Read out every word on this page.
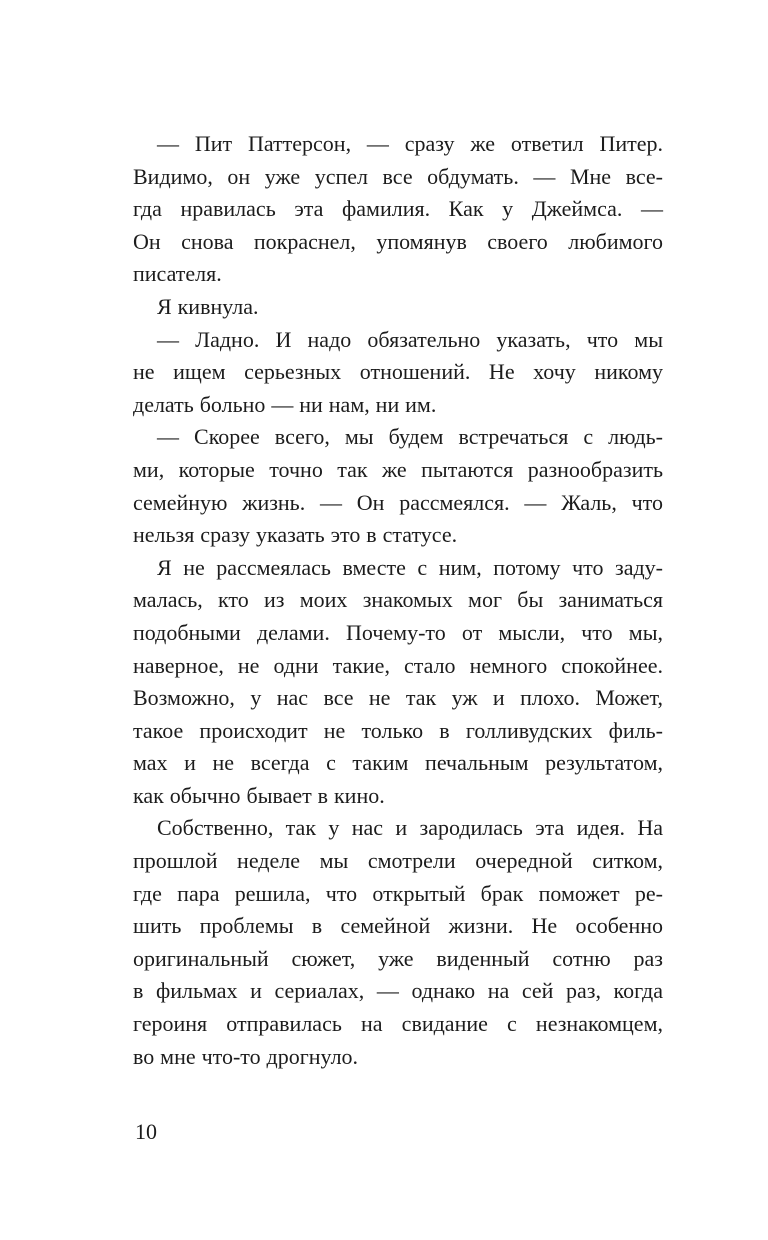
— Пит Паттерсон, — сразу же ответил Питер.
Видимо, он уже успел все обдумать. — Мне все-
гда нравилась эта фамилия. Как у Джеймса. —
Он снова покраснел, упомянув своего любимого
писателя.
Я кивнула.
— Ладно. И надо обязательно указать, что мы
не ищем серьезных отношений. Не хочу никому
делать больно — ни нам, ни им.
— Скорее всего, мы будем встречаться с людь-
ми, которые точно так же пытаются разнообразить
семейную жизнь. — Он рассмеялся. — Жаль, что
нельзя сразу указать это в статусе.
Я не рассмеялась вместе с ним, потому что заду-
малась, кто из моих знакомых мог бы заниматься
подобными делами. Почему-то от мысли, что мы,
наверное, не одни такие, стало немного спокойнее.
Возможно, у нас все не так уж и плохо. Может,
такое происходит не только в голливудских филь-
мах и не всегда с таким печальным результатом,
как обычно бывает в кино.
Собственно, так у нас и зародилась эта идея. На
прошлой неделе мы смотрели очередной ситком,
где пара решила, что открытый брак поможет ре-
шить проблемы в семейной жизни. Не особенно
оригинальный сюжет, уже виденный сотню раз
в фильмах и сериалах, — однако на сей раз, когда
героиня отправилась на свидание с незнакомцем,
во мне что-то дрогнуло.
10
